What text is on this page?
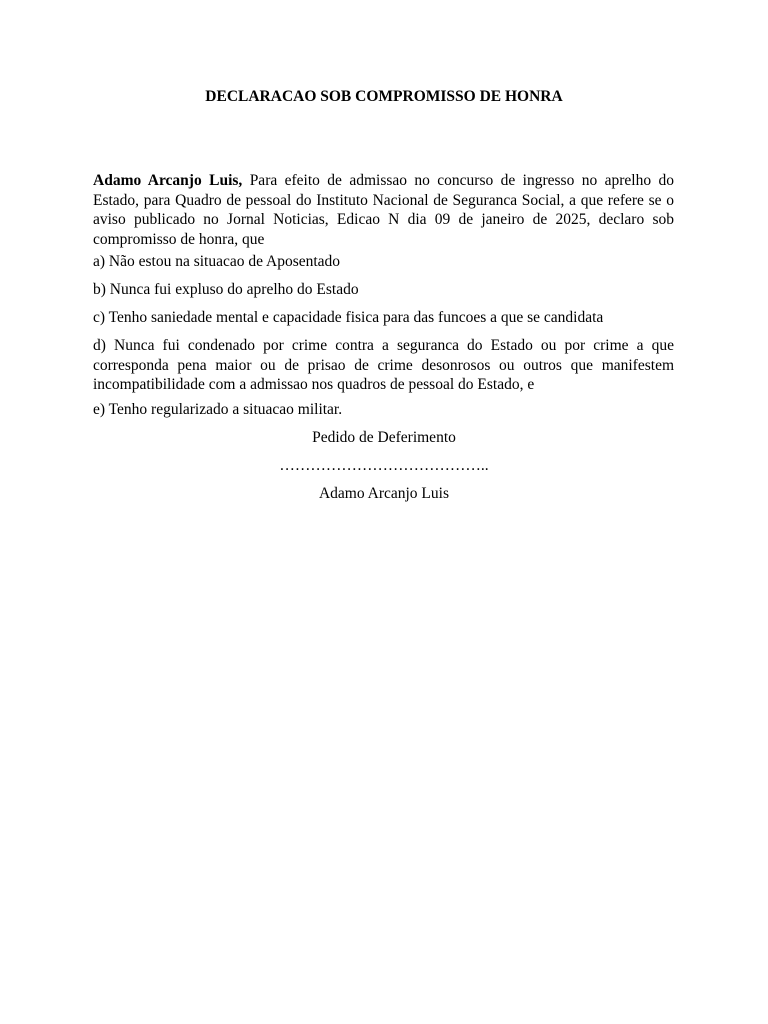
DECLARACAO SOB COMPROMISSO DE HONRA
Adamo Arcanjo Luis, Para efeito de admissao no concurso de ingresso no aprelho do Estado, para Quadro de pessoal do Instituto Nacional de Seguranca Social, a que refere se o aviso publicado no Jornal Noticias, Edicao N dia 09 de janeiro de 2025, declaro sob compromisso de honra, que
a) Não estou na situacao de Aposentado
b) Nunca fui expluso do aprelho do Estado
c) Tenho saniedade mental e capacidade fisica para das funcoes a que se candidata
d) Nunca fui condenado por crime contra a seguranca do Estado ou por crime a que corresponda pena maior ou de prisao de crime desonrosos ou outros que manifestem incompatibilidade com a admissao nos quadros de pessoal do Estado, e
e) Tenho regularizado a situacao militar.
Pedido de Deferimento
…………………………………..
Adamo Arcanjo Luis
